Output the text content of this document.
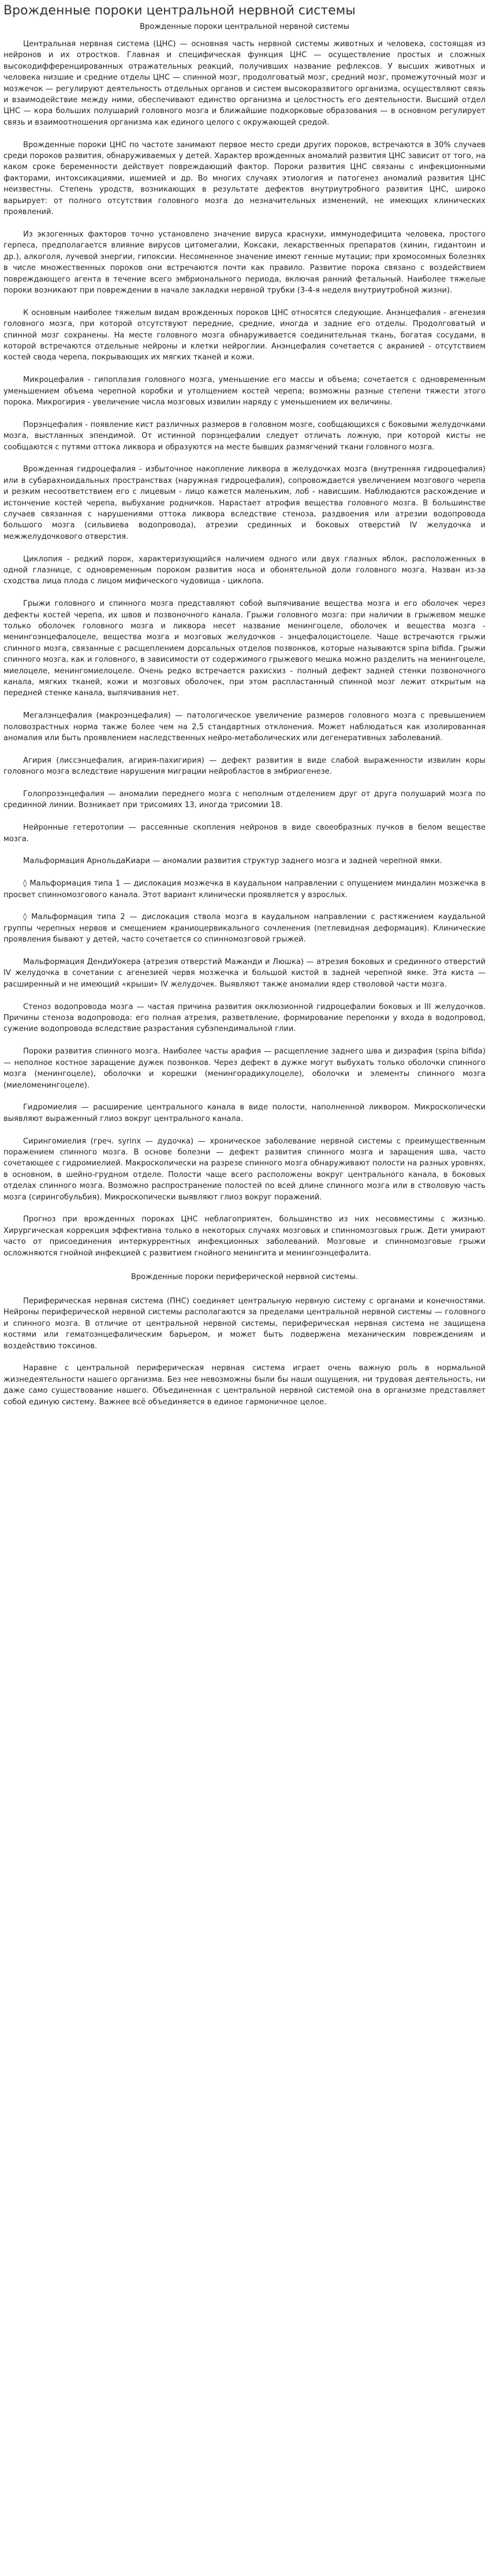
Врожденные пороки центральной нервной системы
Врожденные пороки центральной нервной системы

Центральная нервная система (ЦНС) — основная часть нервной системы животных и человека, состоящая из нейронов и их отростков. Главная и специфическая функция ЦНС — осуществление простых и сложных высокодифференцированных отражательных реакций, получивших название рефлексов. У высших животных и человека низшие и средние отделы ЦНС — спинной мозг, продолговатый мозг, средний мозг, промежуточный мозг и мозжечок — регулируют деятельность отдельных органов и систем высокоразвитого организма, осуществляют связь и взаимодействие между ними, обеспечивают единство организма и целостность его деятельности. Высший отдел ЦНС — кора больших полушарий головного мозга и ближайшие подкорковые образования — в основном регулирует связь и взаимоотношения организма как единого целого с окружающей средой.

Врожденные пороки ЦНС по частоте занимают первое место среди других пороков, встречаются в 30% случаев среди пороков развития, обнаруживаемых у детей. Характер врожденных аномалий развития ЦНС зависит от того, на каком сроке беременности действует повреждающий фактор. Пороки развития ЦНС связаны с инфекционными факторами, интоксикациями, ишемией и др. Во многих случаях этиология и патогенез аномалий развития ЦНС неизвестны. Степень уродств, возникающих в результате дефектов внутриутробного развития ЦНС, широко варьирует: от полного отсутствия головного мозга до незначительных изменений, не имеющих клинических проявлений.

Из экзогенных факторов точно установлено значение вируса краснухи, иммунодефицита человека, простого герпеса, предполагается влияние вирусов цитомегалии, Коксаки, лекарственных препаратов (хинин, гидантоин и др.), алкоголя, лучевой энергии, гипоксии. Несомненное значение имеют генные мутации; при хромосомных болезнях в числе множественных пороков они встречаются почти как правило. Развитие порока связано с воздействием повреждающего агента в течение всего эмбрионального периода, включая ранний фетальный. Наиболее тяжелые пороки возникают при повреждении в начале закладки нервной трубки (3-4-я неделя внутриутробной жизни).

К основным наиболее тяжелым видам врожденных пороков ЦНС относятся следующие. Анэнцефалия - агенезия головного мозга, при которой отсутствуют передние, средние, иногда и задние его отделы. Продолговатый и спинной мозг сохранены. На месте головного мозга обнаруживается соединительная ткань, богатая сосудами, в которой встречаются отдельные нейроны и клетки нейроглии. Анэнцефалия сочетается с акранией - отсутствием костей свода черепа, покрывающих их мягких тканей и кожи.

Микроцефалия - гипоплазия головного мозга, уменьшение его массы и объема; сочетается с одновременным уменьшением объема черепной коробки и утолщением костей черепа; возможны разные степени тяжести этого порока. Микрогирия - увеличение числа мозговых извилин наряду с уменьшением их величины.

Порэнцефалия - появление кист различных размеров в головном мозге, сообщающихся с боковыми желудочками мозга, выстланных эпендимой. От истинной порэнцефалии следует отличать ложную, при которой кисты не сообщаются с путями оттока ликвора и образуются на месте бывших размягчений ткани головного мозга.

Врожденная гидроцефалия - избыточное накопление ликвора в желудочках мозга (внутренняя гидроцефалия) или в субарахноидальных пространствах (наружная гидроцефалия), сопровождается увеличением мозгового черепа и резким несоответствием его с лицевым - лицо кажется маленьким, лоб - нависшим. Наблюдаются расхождение и истончение костей черепа, выбухание родничков. Нарастает атрофия вещества головного мозга. В большинстве случаев связанная с нарушениями оттока ликвора вследствие стеноза, раздвоения или атрезии водопровода большого мозга (сильвиева водопровода), атрезии срединных и боковых отверстий IV желудочка и межжелудочкового отверстия.

Циклопия - редкий порок, характеризующийся наличием одного или двух глазных яблок, расположенных в одной глазнице, с одновременным пороком развития носа и обонятельной доли головного мозга. Назван из-за сходства лица плода с лицом мифического чудовища - циклопа.

Грыжи головного и спинного мозга представляют собой выпячивание вещества мозга и его оболочек через дефекты костей черепа, их швов и позвоночного канала. Грыжи головного мозга: при наличии в грыжевом мешке только оболочек головного мозга и ликвора несет название менингоцеле, оболочек и вещества мозга - менингоэнцефалоцеле, вещества мозга и мозговых желудочков - энцефалоцистоцеле. Чаще встречаются грыжи спинного мозга, связанные с расщеплением дорсальных отделов позвонков, которые называются spina bifida. Грыжи спинного мозга, как и головного, в зависимости от содержимого грыжевого мешка можно разделить на менингоцеле, миелоцеле, менингомиелоцеле. Очень редко встречается рахисхиз - полный дефект задней стенки позвоночного канала, мягких тканей, кожи и мозговых оболочек, при этом распластанный спинной мозг лежит открытым на передней стенке канала, выпячивания нет.

Мегалэнцефалия (макроэнцефалия) — патологическое увеличение размеров головного мозга с превышением половозрастных норма также более чем на 2,5 стандартных отклонения. Может наблюдаться как изолированная аномалия или быть проявлением наследственных нейро-метаболических или дегенеративных заболеваний.

Агирия (лиссэнцефалия, агирия-пахигирия) — дефект развития в виде слабой выраженности извилин коры головного мозга вследствие нарушения миграции нейробластов в эмбриогенезе.

Голопрозэнцефалия — аномалии переднего мозга с неполным отделением друг от друга полушарий мозга по срединной линии. Возникает при трисомиях 13, иногда трисомии 18.

Нейронные гетеротопии — рассеянные скопления нейронов в виде своеобразных пучков в белом веществе мозга.

Мальформация АрнольдаКиари — аномалии развития структур заднего мозга и задней черепной ямки.

◊ Мальформация типа 1 — дислокация мозжечка в каудальном направлении с опущением миндалин мозжечка в просвет спинномозгового канала. Этот вариант клинически проявляется у взрослых.

◊ Мальформация типа 2 — дислокация ствола мозга в каудальном направлении с растяжением каудальной группы черепных нервов и смещением краниоцервикального сочленения (петлевидная деформация). Клинические проявления бывают у детей, часто сочетается со спинномозговой грыжей.

Мальформация ДендиУокера (атрезия отверстий Мажанди и Люшка) — атрезия боковых и срединного отверстий IV желудочка в сочетании с агенезией червя мозжечка и большой кистой в задней черепной ямке. Эта киста — расширенный и не имеющий «крыши» IV желудочек. Выявляют также аномалии ядер стволовой части мозга.

Стеноз водопровода мозга — частая причина развития окклюзионной гидроцефалии боковых и III желудочков. Причины стеноза водопровода: его полная атрезия, разветвление, формирование перепонки у входа в водопровод, сужение водопровода вследствие разрастания субэпендимальной глии.

Пороки развития спинного мозга. Наиболее часты арафия — расщепление заднего шва и дизрафия (spina bifida) — неполное костное заращение дужек позвонков. Через дефект в дужке могут выбухать только оболочки спинного мозга (менингоцеле), оболочки и корешки (менингорадикулоцеле), оболочки и элементы спинного мозга (миеломенингоцеле).

Гидромиелия — расширение центрального канала в виде полости, наполненной ликвором. Микроскопически выявляют выраженный глиоз вокруг центрального канала.

Сирингомиелия (греч. syrinx — дудочка) — хроническое заболевание нервной системы с преимущественным поражением спинного мозга. В основе болезни — дефект развития спинного мозга и заращения шва, часто сочетающее с гидромиелией. Макроскопически на разрезе спинного мозга обнаруживают полости на разных уровнях, в основном, в шейно-грудном отделе. Полости чаще всего расположены вокруг центрального канала, в боковых отделах спинного мозга. Возможно распространение полостей по всей длине спинного мозга или в стволовую часть мозга (сирингобульбия). Микроскопически выявляют глиоз вокруг поражений.

Прогноз при врожденных пороках ЦНС неблагоприятен, большинство из них несовместимы с жизнью. Хирургическая коррекция эффективна только в некоторых случаях мозговых и спинномозговых грыж. Дети умирают часто от присоединения интеркуррентных инфекционных заболеваний. Мозговые и спинномозговые грыжи осложняются гнойной инфекцией с развитием гнойного менингита и менингоэнцефалита.

Врожденные пороки периферической нервной системы.

Периферическая нервная система (ПНС) соединяет центральную нервную систему с органами и конечностями. Нейроны периферической нервной системы располагаются за пределами центральной нервной системы — головного и спинного мозга. В отличие от центральной нервной системы, периферическая нервная система не защищена костями или гематоэнцефалическим барьером, и может быть подвержена механическим повреждениям и воздействию токсинов.

Наравне с центральной периферическая нервная система играет очень важную роль в нормальной жизнедеятельности нашего организма. Без нее невозможны были бы наши ощущения, ни трудовая деятельность, ни даже само существование нашего. Объединенная с центральной нервной системой она в организме представляет собой единую систему. Важнее всё объединяется в единое гармоничное целое.
